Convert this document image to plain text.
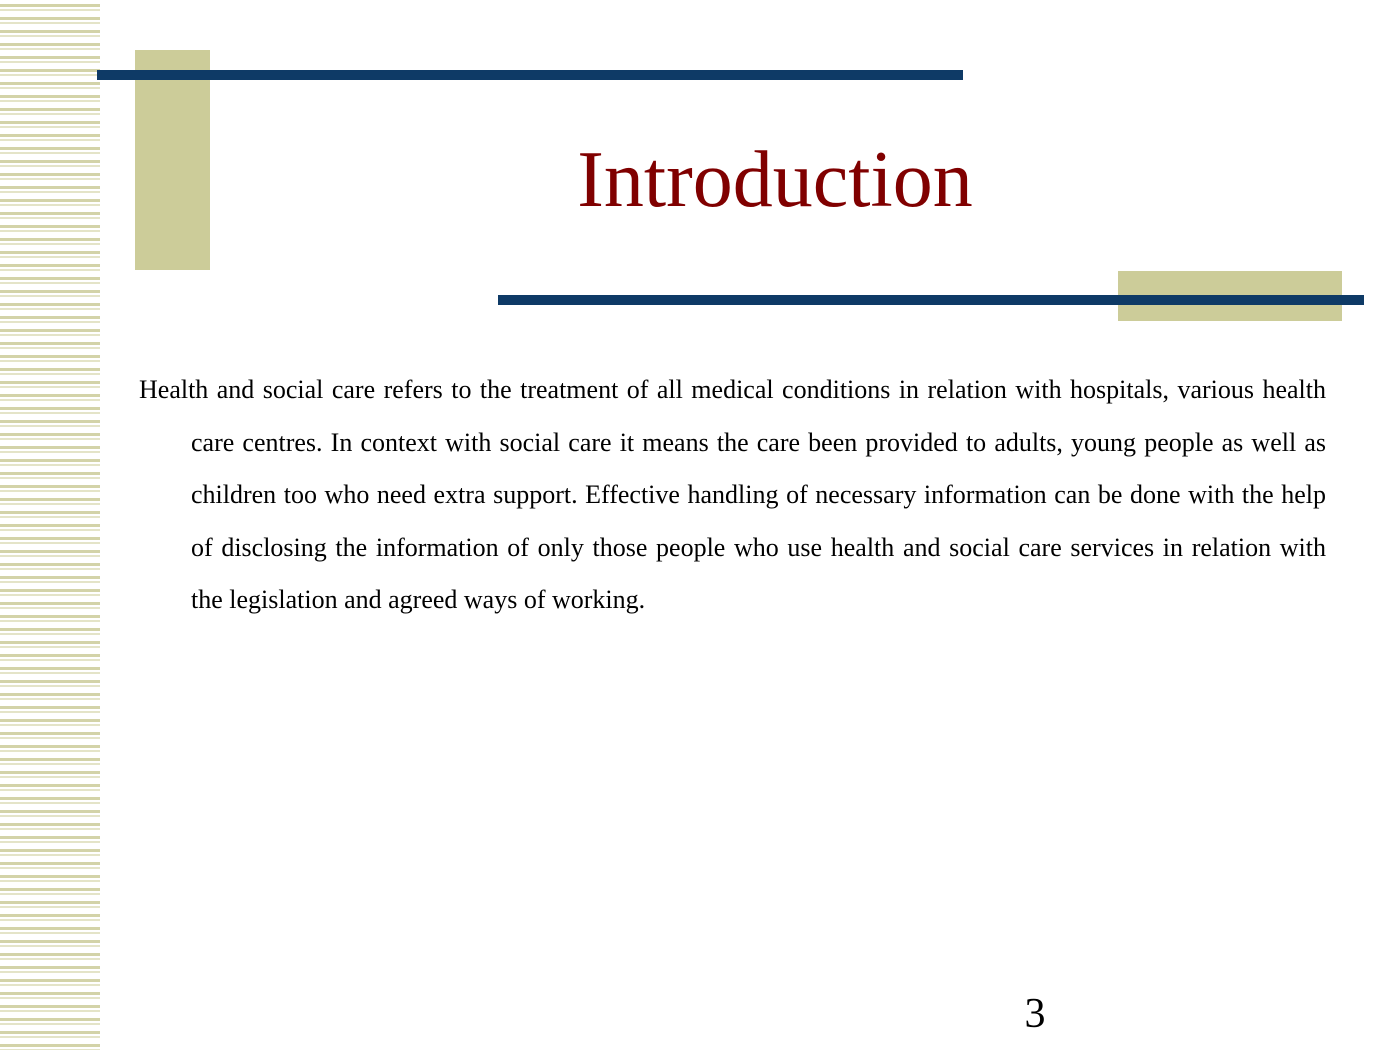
Introduction

Health and social care refers to the treatment of all medical conditions in relation with hospitals, various health care centres. In context with social care it means the care been provided to adults, young people as well as children too who need extra support. Effective handling of necessary information can be done with the help of disclosing the information of only those people who use health and social care services in relation with the legislation and agreed ways of working.

3
